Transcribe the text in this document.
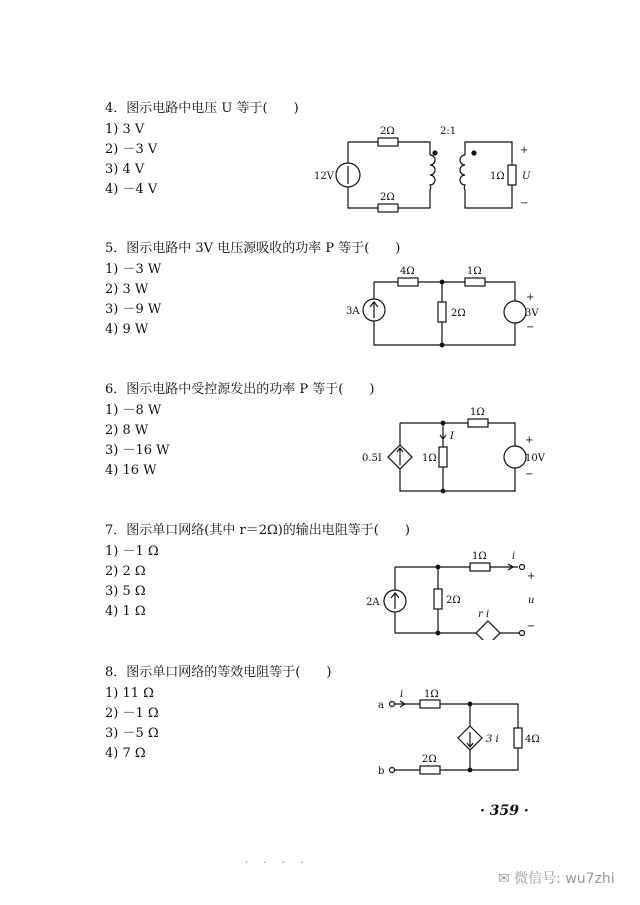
4．图示电路中电压 U 等于(　　)
1) 3 V
2) －3 V
3) 4 V
4) －4 V
2Ω	2:1
12V
2Ω
1Ω U
+
−
5．图示电路中 3V 电压源吸收的功率 P 等于(　　)
1) －3 W
2) 3 W
3) －9 W
4) 9 W
4Ω	1Ω
2Ω
3A	3V
+
−
6．图示电路中受控源发出的功率 P 等于(　　)
1) －8 W
2) 8 W
3) －16 W
4) 16 W
1Ω
1Ω
I
0.5I	10V
+
−
7．图示单口网络(其中 r＝2Ω)的输出电阻等于(　　)
1) －1 Ω
2) 2 Ω
3) 5 Ω
4) 1 Ω
1Ω
2Ω
2A
r i
i
u
+
−
8．图示单口网络的等效电阻等于(　　)
1) 11 Ω
2) －1 Ω
3) －5 Ω
4) 7 Ω
1Ω
2Ω
4Ω
3 i
i
a
b
· 359 ·
· · · ·
✉ 微信号: wu7zhi
